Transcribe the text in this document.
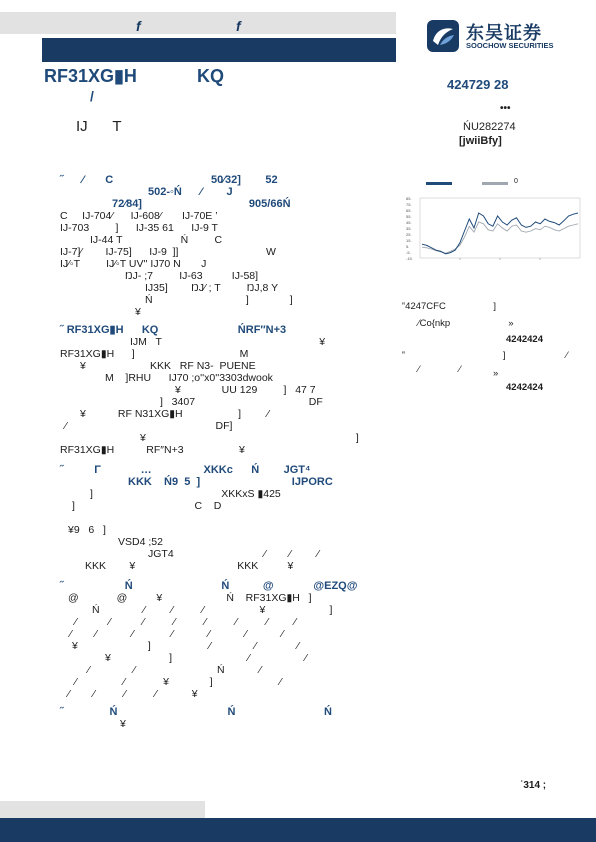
f	f	东吴证券
SOOCHOW SECURITIES
RF31XG▮H            KQ	424729 28
/
IJ      T
•••
ŃU282274
[jwiiBfy]
˝      ⁄       C                                50⁄32]        52
502-◦Ń      ⁄        J
72⁄84]                                   905/66Ń
C     IJ-704⁄      IJ-608⁄       IJ-70E ’
IJ-703         ]      IJ-35 61      IJ-9 T
IJ-44 T                    Ń         C
IJ-7]⁄        IJ-75]      IJ-9  ]]                              W
IJ⁄◦T         IJ⁄◦T UV'' IJ70 N       J
ŊJ- ;7         IJ-63          IJ-58]
IJ35]        ŊJ⁄ ; T         ŊJ,8 Y
Ń                                ]              ]
¥
˝ RF31XG▮H      KQ                          ŃRF″N+3
IJM   T                                                      ¥
RF31XG▮H      ]                                    M
¥                      KKK   RF N3-  PUENE
M    ]RHU      IJ70 ;o''x0''3303dwook
¥              UU 129         ]   47 7
]   3407                                       DF
¥           RF N31XG▮H                   ]         ⁄
⁄                                                   DF]
¥                                                                        ]
RF31XG▮H           RF″N+3                   ¥
˝          Γ             …                 XKKc      Ń        JGT⁴
KKK    Ń9  5  ]                              IJPORC
]                                            XKKxS ▮425
]                                         C    D
¥9   6   ]
VSD4 ;52
JGT4                               ⁄        ⁄         ⁄
KKK        ¥                                   KKK          ¥
˝                    Ń                             Ń           @             @EZQ@
@             @          ¥                      Ń    RF31XG▮H   ]
Ń               ⁄         ⁄          ⁄                   ¥                      ]
⁄           ⁄           ⁄          ⁄          ⁄          ⁄          ⁄         ⁄
⁄        ⁄            ⁄             ⁄            ⁄            ⁄            ⁄
¥                        ]                    ⁄               ⁄              ⁄
¥                    ]                          ⁄                   ⁄
⁄               ⁄                            Ń            ⁄
⁄                ⁄             ¥              ]                       ⁄
⁄        ⁄          ⁄          ⁄            ¥
˝               Ń                                    Ń                             Ń
¥
0
85.
75.
65.
55.
45.
35.
25.
15.
5.
-5.
-15.
‟4247CFC                  ]
⁄Co{nkp                      »
4242424
‟                                     ]                       ⁄
⁄               ⁄	»
4242424
˙314 ;
